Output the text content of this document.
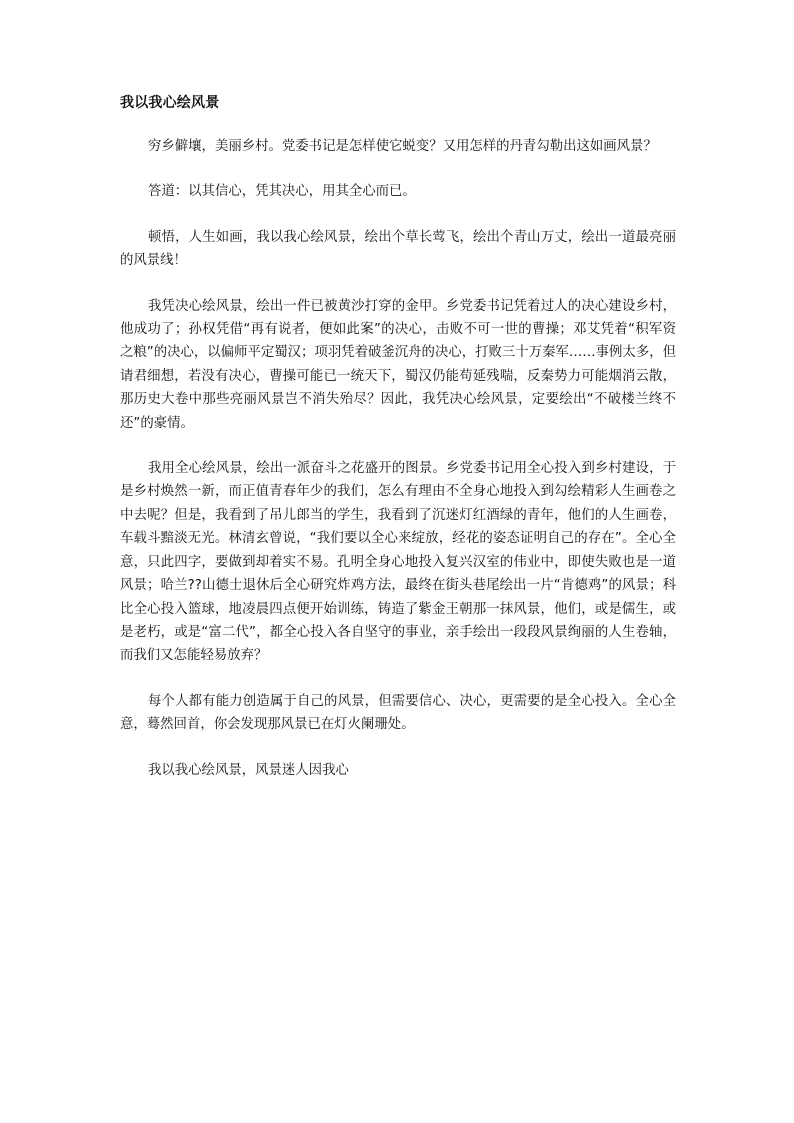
我以我心绘风景

穷乡僻壤，美丽乡村。党委书记是怎样使它蜕变？又用怎样的丹青勾勒出这如画风景？

答道：以其信心，凭其决心，用其全心而已。

顿悟，人生如画，我以我心绘风景，绘出个草长莺飞，绘出个青山万丈，绘出一道最亮丽的风景线！

我凭决心绘风景，绘出一件已被黄沙打穿的金甲。乡党委书记凭着过人的决心建设乡村，他成功了；孙权凭借“再有说者，便如此案”的决心，击败不可一世的曹操；邓艾凭着“积军资之粮”的决心，以偏师平定蜀汉；项羽凭着破釜沉舟的决心，打败三十万秦军……事例太多，但请君细想，若没有决心，曹操可能已一统天下，蜀汉仍能苟延残喘，反秦势力可能烟消云散，那历史大卷中那些亮丽风景岂不消失殆尽？因此，我凭决心绘风景，定要绘出“不破楼兰终不还”的豪情。

我用全心绘风景，绘出一派奋斗之花盛开的图景。乡党委书记用全心投入到乡村建设，于是乡村焕然一新，而正值青春年少的我们，怎么有理由不全身心地投入到勾绘精彩人生画卷之中去呢？但是，我看到了吊儿郎当的学生，我看到了沉迷灯红酒绿的青年，他们的人生画卷，车载斗黯淡无光。林清玄曾说，“我们要以全心来绽放，经花的姿态证明自己的存在”。全心全意，只此四字，要做到却着实不易。孔明全身心地投入复兴汉室的伟业中，即使失败也是一道风景；哈兰??山德士退休后全心研究炸鸡方法，最终在街头巷尾绘出一片“肯德鸡”的风景；科比全心投入篮球，地凌晨四点便开始训练，铸造了紫金王朝那一抹风景，他们，或是儒生，或是老朽，或是“富二代”，都全心投入各自坚守的事业，亲手绘出一段段风景绚丽的人生卷轴，而我们又怎能轻易放弃？

每个人都有能力创造属于自己的风景，但需要信心、决心，更需要的是全心投入。全心全意，蓦然回首，你会发现那风景已在灯火阑珊处。

我以我心绘风景，风景迷人因我心
